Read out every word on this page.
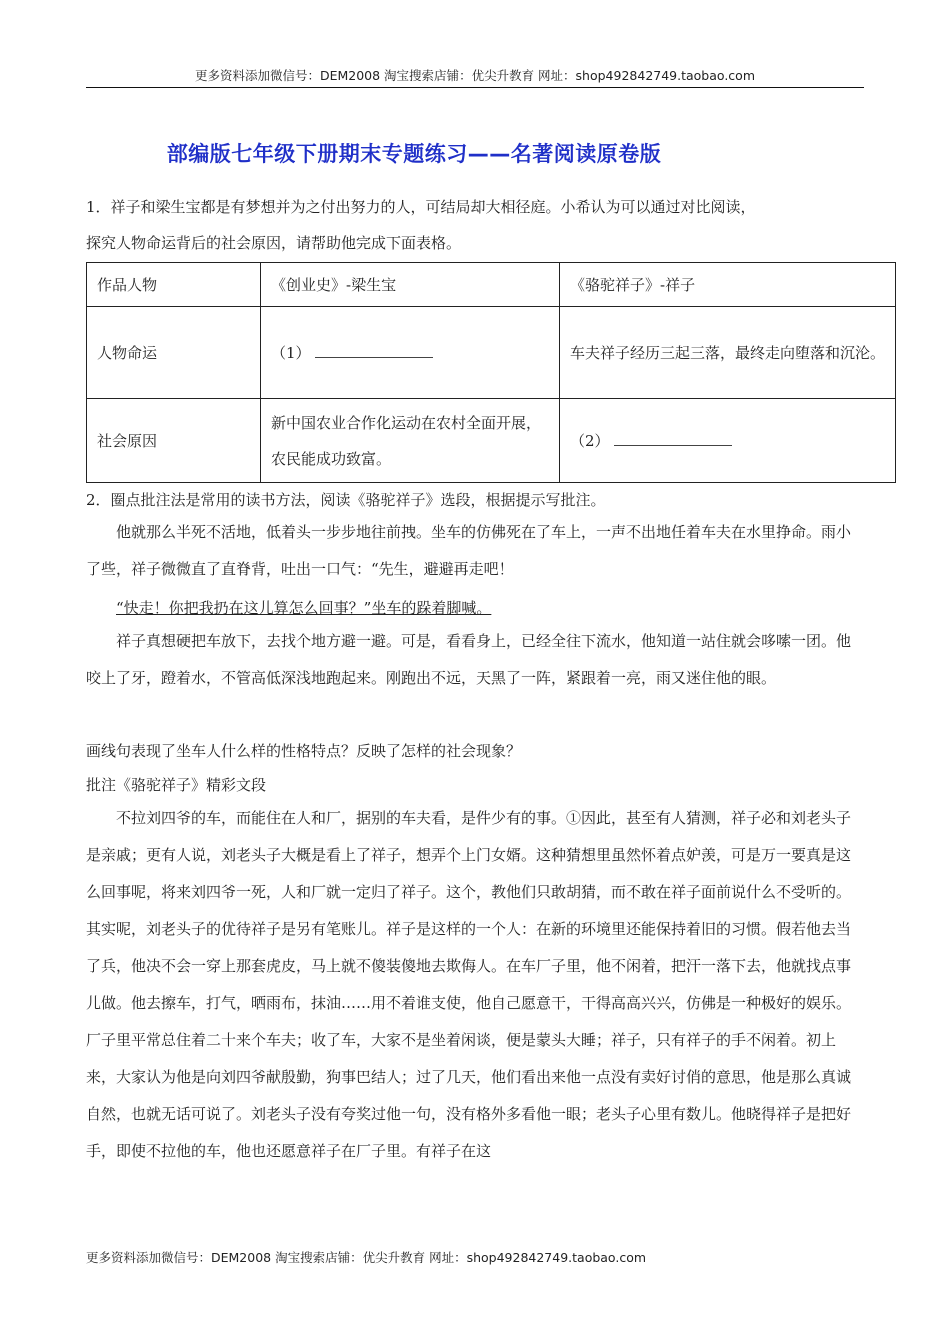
更多资料添加微信号：DEM2008 淘宝搜索店铺：优尖升教育 网址：shop492842749.taobao.com
部编版七年级下册期末专题练习——名著阅读原卷版
1．祥子和梁生宝都是有梦想并为之付出努力的人，可结局却大相径庭。小希认为可以通过对比阅读，
探究人物命运背后的社会原因，请帮助他完成下面表格。
作品人物	《创业史》-梁生宝	《骆驼祥子》-祥子
人物命运	（1）	车夫祥子经历三起三落，最终走向堕落和沉沦。
社会原因	新中国农业合作化运动在农村全面开展，农民能成功致富。	（2）
2．圈点批注法是常用的读书方法，阅读《骆驼祥子》选段，根据提示写批注。
他就那么半死不活地，低着头一步步地往前拽。坐车的仿佛死在了车上，一声不出地任着车夫在水里挣命。雨小了些，祥子微微直了直脊背，吐出一口气：“先生，避避再走吧！
“快走！你把我扔在这儿算怎么回事？”坐车的跺着脚喊。
祥子真想硬把车放下，去找个地方避一避。可是，看看身上，已经全往下流水，他知道一站住就会哆嗦一团。他咬上了牙，蹬着水，不管高低深浅地跑起来。刚跑出不远，天黑了一阵，紧跟着一亮，雨又迷住他的眼。
画线句表现了坐车人什么样的性格特点？反映了怎样的社会现象？
批注《骆驼祥子》精彩文段
不拉刘四爷的车，而能住在人和厂，据别的车夫看，是件少有的事。①因此，甚至有人猜测，祥子必和刘老头子是亲戚；更有人说，刘老头子大概是看上了祥子，想弄个上门女婿。这种猜想里虽然怀着点妒羡，可是万一要真是这么回事呢，将来刘四爷一死，人和厂就一定归了祥子。这个，教他们只敢胡猜，而不敢在祥子面前说什么不受听的。其实呢，刘老头子的优待祥子是另有笔账儿。祥子是这样的一个人：在新的环境里还能保持着旧的习惯。假若他去当了兵，他决不会一穿上那套虎皮，马上就不傻装傻地去欺侮人。在车厂子里，他不闲着，把汗一落下去，他就找点事儿做。他去擦车，打气，晒雨布，抹油……用不着谁支使，他自己愿意干，干得高高兴兴，仿佛是一种极好的娱乐。厂子里平常总住着二十来个车夫；收了车，大家不是坐着闲谈，便是蒙头大睡；祥子，只有祥子的手不闲着。初上来，大家认为他是向刘四爷献殷勤，狗事巴结人；过了几天，他们看出来他一点没有卖好讨俏的意思，他是那么真诚自然，也就无话可说了。刘老头子没有夸奖过他一句，没有格外多看他一眼；老头子心里有数儿。他晓得祥子是把好手，即使不拉他的车，他也还愿意祥子在厂子里。有祥子在这
更多资料添加微信号：DEM2008 淘宝搜索店铺：优尖升教育 网址：shop492842749.taobao.com
